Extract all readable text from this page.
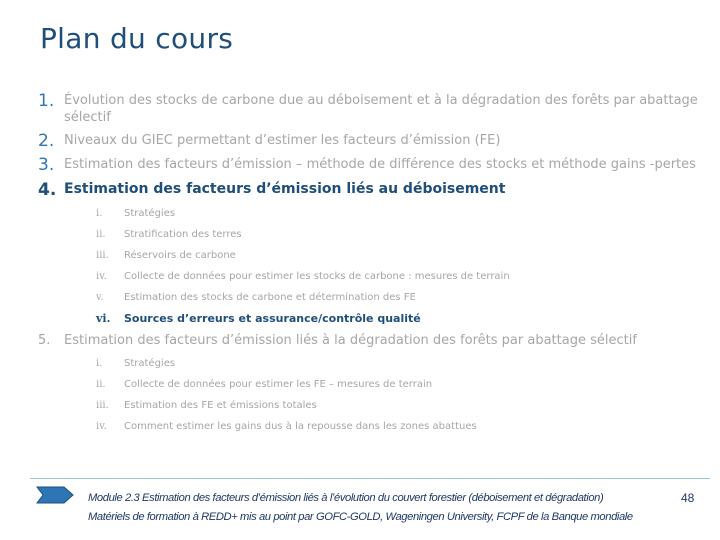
Plan du cours
1. Évolution des stocks de carbone due au déboisement et à la dégradation des forêts par abattage sélectif
2. Niveaux du GIEC permettant d’estimer les facteurs d’émission (FE)
3. Estimation des facteurs d’émission – méthode de différence des stocks et méthode gains -pertes
4. Estimation des facteurs d’émission liés au déboisement
i.	Stratégies
ii.	Stratification des terres
iii.	Réservoirs de carbone
iv.	Collecte de données pour estimer les stocks de carbone : mesures de terrain
v.	Estimation des stocks de carbone et détermination des FE
vi.	Sources d’erreurs et assurance/contrôle qualité
5.	Estimation des facteurs d’émission liés à la dégradation des forêts par abattage sélectif
i.	Stratégies
ii.	Collecte de données pour estimer les FE – mesures de terrain
iii.	Estimation des FE et émissions totales
iv.	Comment estimer les gains dus à la repousse dans les zones abattues
Module 2.3 Estimation des facteurs d’émission liés à l’évolution du couvert forestier (déboisement et dégradation)
Matériels de formation à REDD+ mis au point par GOFC-GOLD, Wageningen University, FCPF de la Banque mondiale
48
